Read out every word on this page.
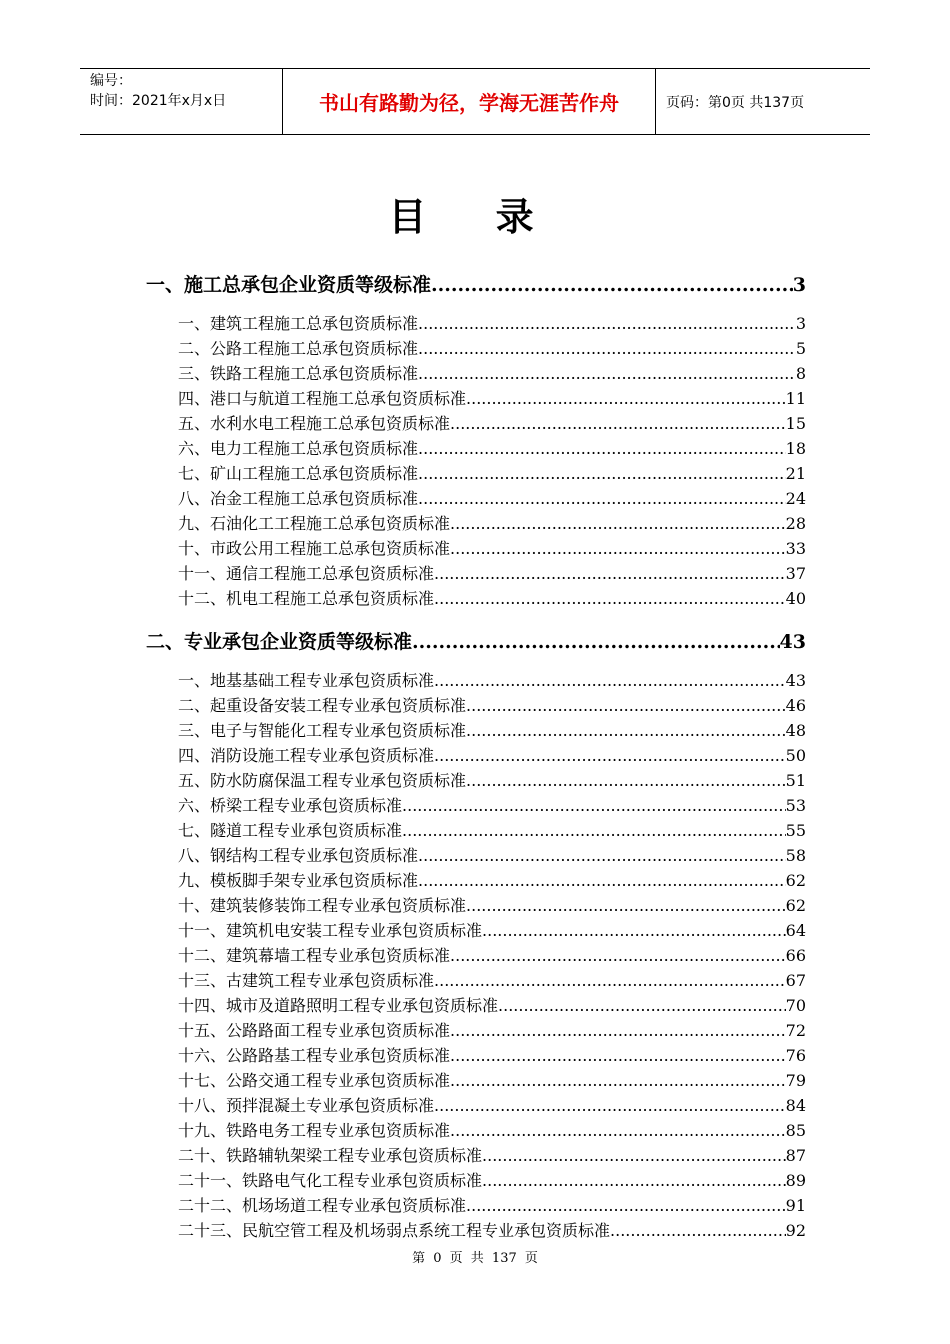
编号：
时间：2021年x月x日	书山有路勤为径，学海无涯苦作舟	页码：第0页 共137页
目 录
一、施工总承包企业资质等级标准 .....	3
一、建筑工程施工总承包资质标准 .....	3
二、公路工程施工总承包资质标准 .....	5
三、铁路工程施工总承包资质标准 .....	8
四、港口与航道工程施工总承包资质标准 .....	11
五、水利水电工程施工总承包资质标准 .....	15
六、电力工程施工总承包资质标准 .....	18
七、矿山工程施工总承包资质标准 .....	21
八、冶金工程施工总承包资质标准 .....	24
九、石油化工工程施工总承包资质标准 .....	28
十、市政公用工程施工总承包资质标准 .....	33
十一、通信工程施工总承包资质标准 .....	37
十二、机电工程施工总承包资质标准 .....	40
二、专业承包企业资质等级标准 .....	43
一、地基基础工程专业承包资质标准 .....	43
二、起重设备安装工程专业承包资质标准 .....	46
三、电子与智能化工程专业承包资质标准 .....	48
四、消防设施工程专业承包资质标准 .....	50
五、防水防腐保温工程专业承包资质标准 .....	51
六、桥梁工程专业承包资质标准 .....	53
七、隧道工程专业承包资质标准 .....	55
八、钢结构工程专业承包资质标准 .....	58
九、模板脚手架专业承包资质标准 .....	62
十、建筑装修装饰工程专业承包资质标准 .....	62
十一、建筑机电安装工程专业承包资质标准 .....	64
十二、建筑幕墙工程专业承包资质标准 .....	66
十三、古建筑工程专业承包资质标准 .....	67
十四、城市及道路照明工程专业承包资质标准 .....	70
十五、公路路面工程专业承包资质标准 .....	72
十六、公路路基工程专业承包资质标准 .....	76
十七、公路交通工程专业承包资质标准 .....	79
十八、预拌混凝土专业承包资质标准 .....	84
十九、铁路电务工程专业承包资质标准 .....	85
二十、铁路辅轨架梁工程专业承包资质标准 .....	87
二十一、铁路电气化工程专业承包资质标准 .....	89
二十二、机场场道工程专业承包资质标准 .....	91
二十三、民航空管工程及机场弱点系统工程专业承包资质标准 .....	92
第 0 页 共 137 页
